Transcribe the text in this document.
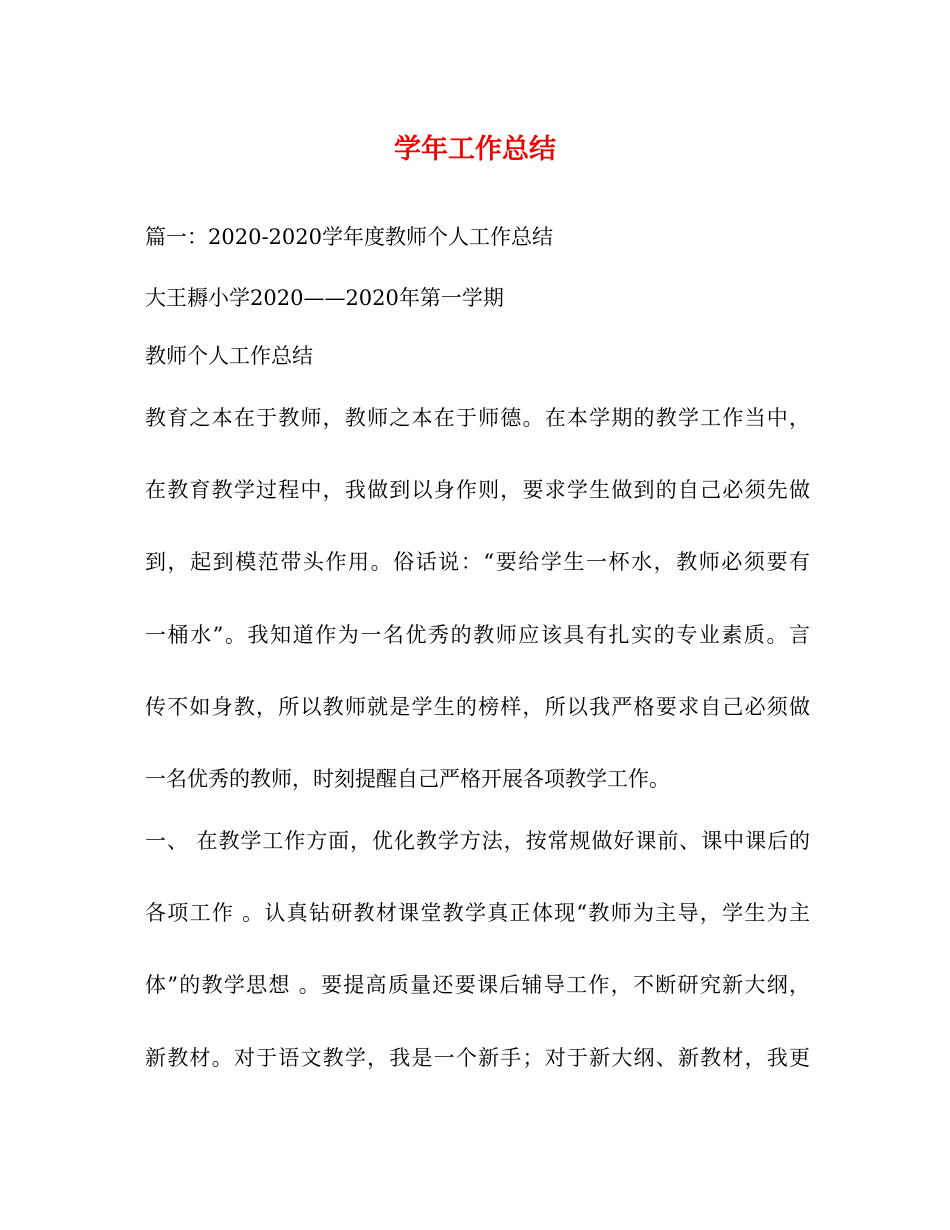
学年工作总结
篇一：2020-2020学年度教师个人工作总结
大王耨小学2020——2020年第一学期
教师个人工作总结
教育之本在于教师，教师之本在于师德。在本学期的教学工作当中，
在教育教学过程中，我做到以身作则，要求学生做到的自己必须先做
到，起到模范带头作用。俗话说：“要给学生一杯水，教师必须要有
一桶水”。我知道作为一名优秀的教师应该具有扎实的专业素质。言
传不如身教，所以教师就是学生的榜样，所以我严格要求自己必须做
一名优秀的教师，时刻提醒自己严格开展各项教学工作。
一、 在教学工作方面，优化教学方法，按常规做好课前、课中课后的
各项工作 。认真钻研教材课堂教学真正体现“教师为主导，学生为主
体”的教学思想 。要提高质量还要课后辅导工作，不断研究新大纲，
新教材。对于语文教学，我是一个新手；对于新大纲、新教材，我更
